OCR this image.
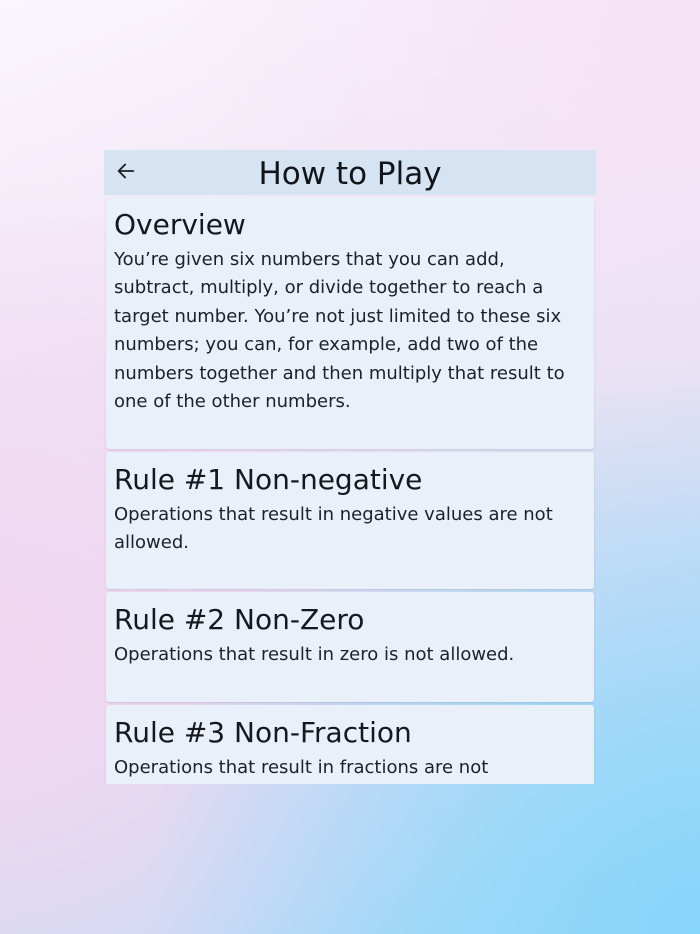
How to Play
Overview

You’re given six numbers that you can add, subtract, multiply, or divide together to reach a target number. You’re not just limited to these six numbers; you can, for example, add two of the numbers together and then multiply that result to one of the other numbers.

Rule #1 Non-negative

Operations that result in negative values are not allowed.

Rule #2 Non-Zero

Operations that result in zero is not allowed.

Rule #3 Non-Fraction

Operations that result in fractions are not
